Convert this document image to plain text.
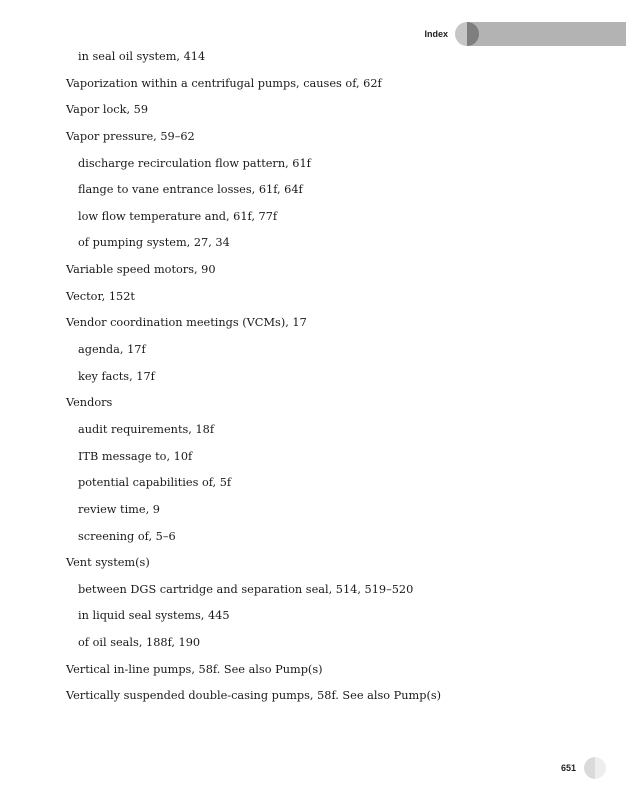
Index
in seal oil system, 414
Vaporization within a centrifugal pumps, causes of, 62f
Vapor lock, 59
Vapor pressure, 59–62
discharge recirculation flow pattern, 61f
flange to vane entrance losses, 61f, 64f
low flow temperature and, 61f, 77f
of pumping system, 27, 34
Variable speed motors, 90
Vector, 152t
Vendor coordination meetings (VCMs), 17
agenda, 17f
key facts, 17f
Vendors
audit requirements, 18f
ITB message to, 10f
potential capabilities of, 5f
review time, 9
screening of, 5–6
Vent system(s)
between DGS cartridge and separation seal, 514, 519–520
in liquid seal systems, 445
of oil seals, 188f, 190
Vertical in-line pumps, 58f. See also Pump(s)
Vertically suspended double-casing pumps, 58f. See also Pump(s)
651
